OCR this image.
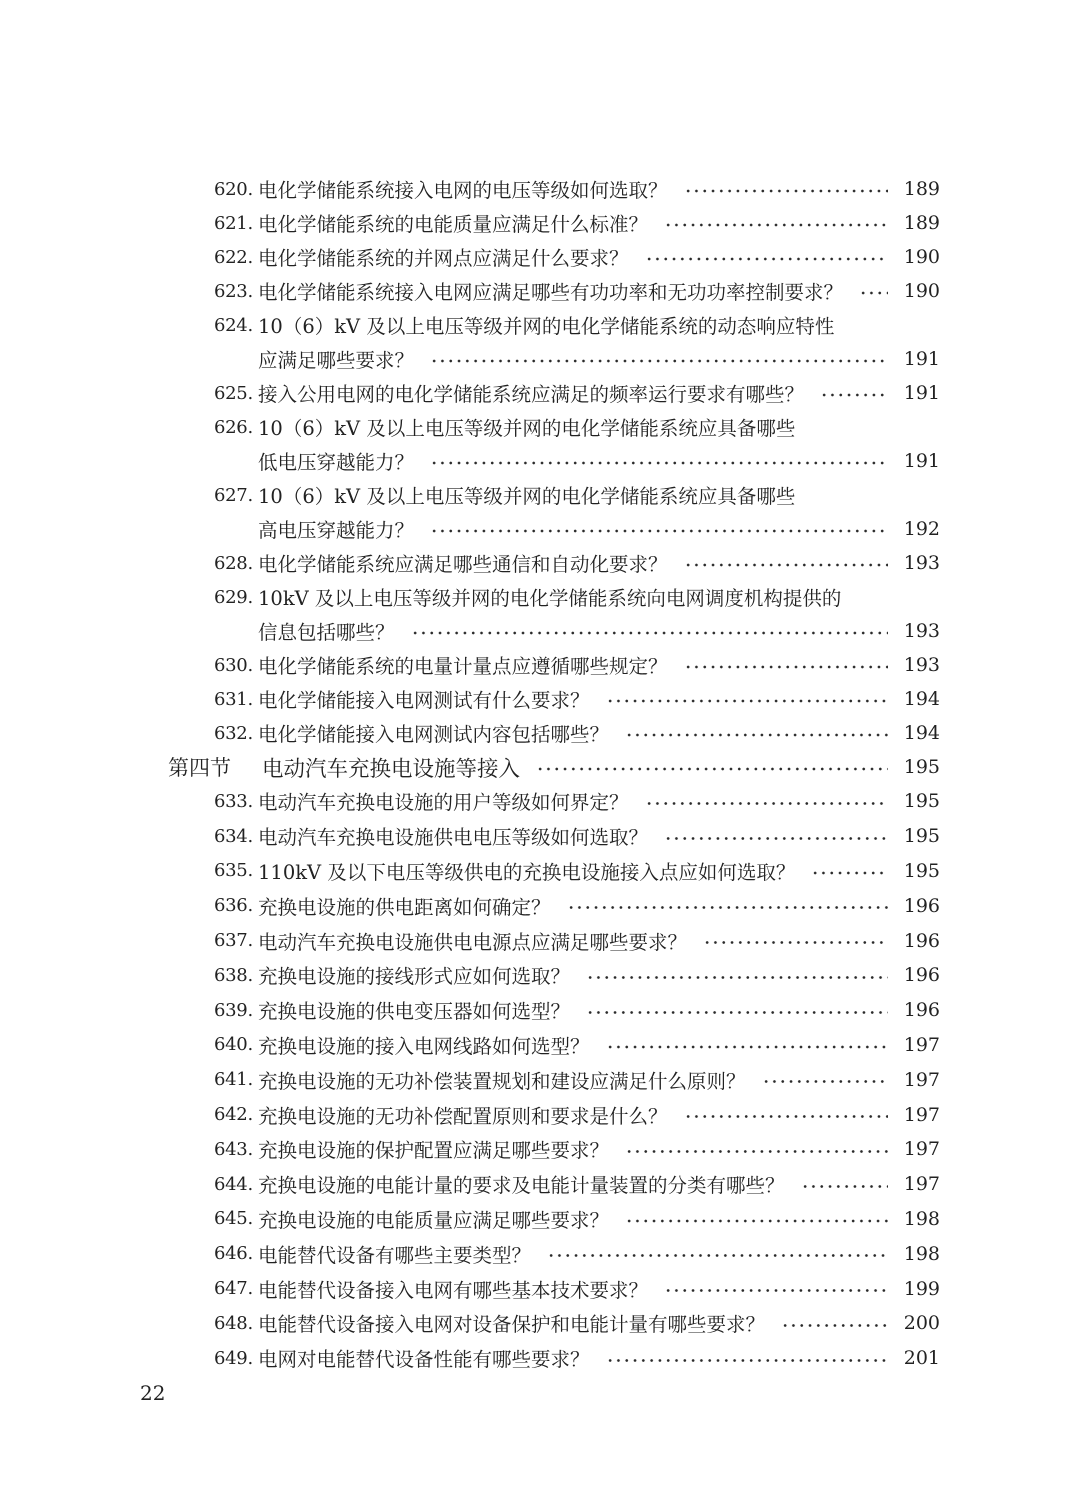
620. 电化学储能系统接入电网的电压等级如何选取？	189
621. 电化学储能系统的电能质量应满足什么标准？	189
622. 电化学储能系统的并网点应满足什么要求？	190
623. 电化学储能系统接入电网应满足哪些有功功率和无功功率控制要求？	190
624. 10（6）kV 及以上电压等级并网的电化学储能系统的动态响应特性
应满足哪些要求？	191
625. 接入公用电网的电化学储能系统应满足的频率运行要求有哪些？	191
626. 10（6）kV 及以上电压等级并网的电化学储能系统应具备哪些
低电压穿越能力？	191
627. 10（6）kV 及以上电压等级并网的电化学储能系统应具备哪些
高电压穿越能力？	192
628. 电化学储能系统应满足哪些通信和自动化要求？	193
629. 10kV 及以上电压等级并网的电化学储能系统向电网调度机构提供的
信息包括哪些？	193
630. 电化学储能系统的电量计量点应遵循哪些规定？	193
631. 电化学储能接入电网测试有什么要求？	194
632. 电化学储能接入电网测试内容包括哪些？	194
第四节	电动汽车充换电设施等接入	195
633. 电动汽车充换电设施的用户等级如何界定？	195
634. 电动汽车充换电设施供电电压等级如何选取？	195
635. 110kV 及以下电压等级供电的充换电设施接入点应如何选取？	195
636. 充换电设施的供电距离如何确定？	196
637. 电动汽车充换电设施供电电源点应满足哪些要求？	196
638. 充换电设施的接线形式应如何选取？	196
639. 充换电设施的供电变压器如何选型？	196
640. 充换电设施的接入电网线路如何选型？	197
641. 充换电设施的无功补偿装置规划和建设应满足什么原则？	197
642. 充换电设施的无功补偿配置原则和要求是什么？	197
643. 充换电设施的保护配置应满足哪些要求？	197
644. 充换电设施的电能计量的要求及电能计量装置的分类有哪些？	197
645. 充换电设施的电能质量应满足哪些要求？	198
646. 电能替代设备有哪些主要类型？	198
647. 电能替代设备接入电网有哪些基本技术要求？	199
648. 电能替代设备接入电网对设备保护和电能计量有哪些要求？	200
649. 电网对电能替代设备性能有哪些要求？	201
22
